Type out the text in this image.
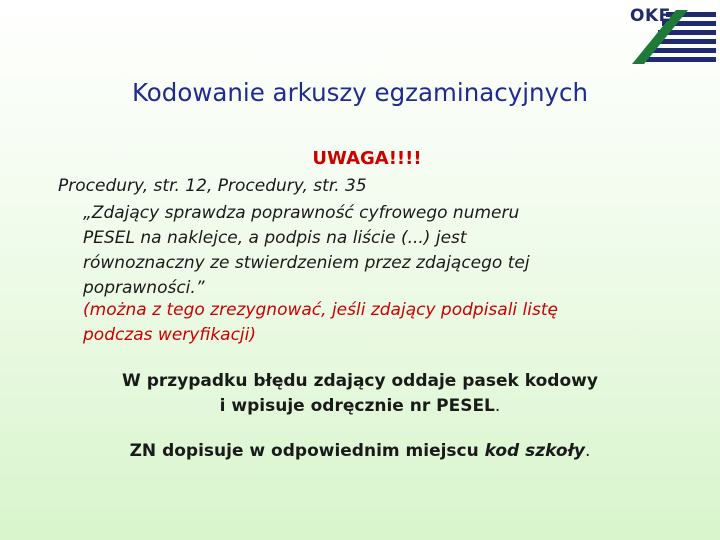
OKE
Kodowanie arkuszy egzaminacyjnych
UWAGA!!!!
Procedury, str. 12, Procedury, str. 35
„Zdający sprawdza poprawność cyfrowego numeru
PESEL na naklejce, a podpis na liście (...) jest
równoznaczny ze stwierdzeniem przez zdającego tej
poprawności.”
(można z tego zrezygnować, jeśli zdający podpisali listę
podczas weryfikacji)
W przypadku błędu zdający oddaje pasek kodowy
i wpisuje odręcznie nr PESEL.
ZN dopisuje w odpowiednim miejscu kod szkoły.
